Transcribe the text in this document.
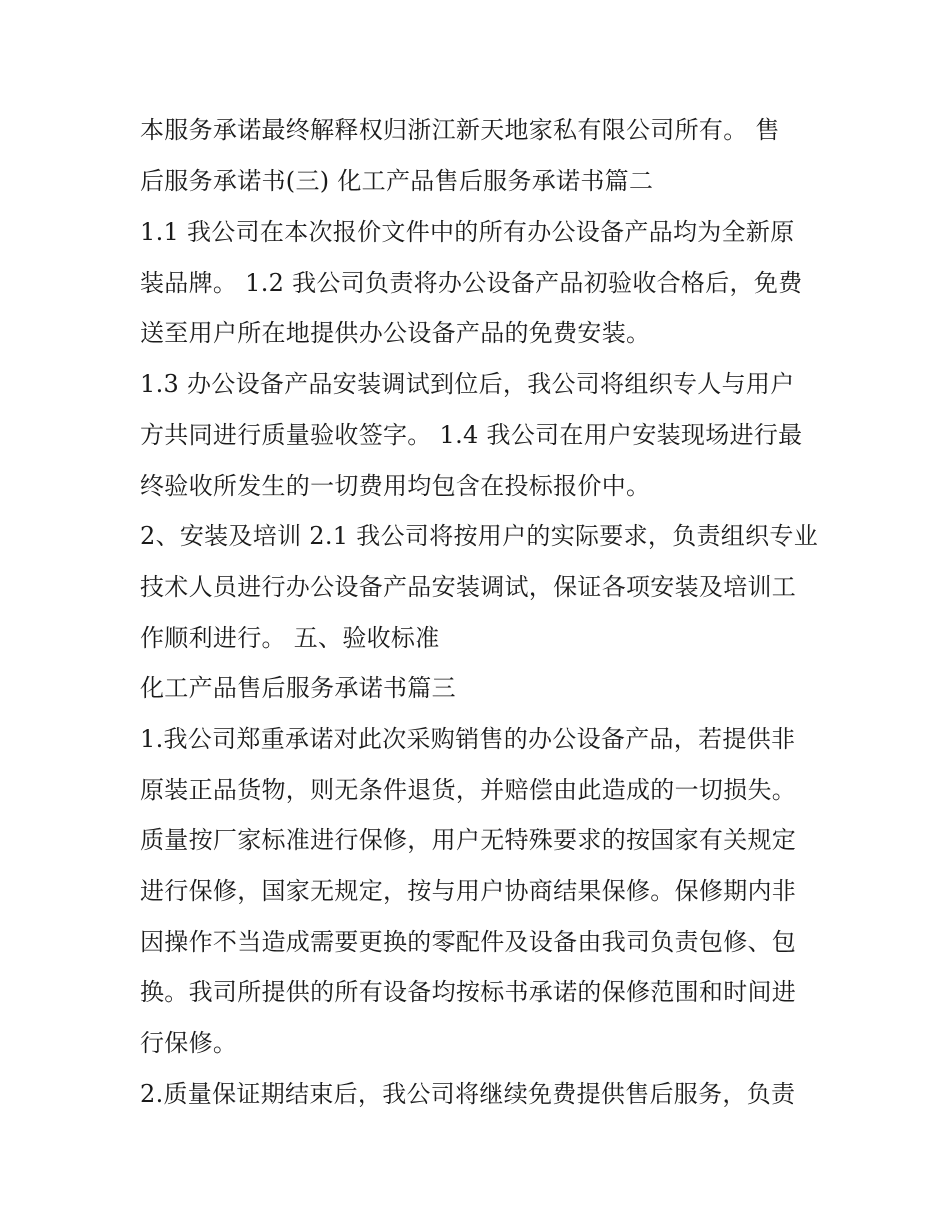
本服务承诺最终解释权归浙江新天地家私有限公司所有。 售
后服务承诺书(三) 化工产品售后服务承诺书篇二
1.1 我公司在本次报价文件中的所有办公设备产品均为全新原
装品牌。 1.2 我公司负责将办公设备产品初验收合格后，免费
送至用户所在地提供办公设备产品的免费安装。
1.3 办公设备产品安装调试到位后，我公司将组织专人与用户
方共同进行质量验收签字。 1.4 我公司在用户安装现场进行最
终验收所发生的一切费用均包含在投标报价中。
2、安装及培训 2.1 我公司将按用户的实际要求，负责组织专业
技术人员进行办公设备产品安装调试，保证各项安装及培训工
作顺利进行。 五、验收标准
化工产品售后服务承诺书篇三
1.我公司郑重承诺对此次采购销售的办公设备产品，若提供非
原装正品货物，则无条件退货，并赔偿由此造成的一切损失。
质量按厂家标准进行保修，用户无特殊要求的按国家有关规定
进行保修，国家无规定，按与用户协商结果保修。保修期内非
因操作不当造成需要更换的零配件及设备由我司负责包修、包
换。我司所提供的所有设备均按标书承诺的保修范围和时间进
行保修。
2.质量保证期结束后，我公司将继续免费提供售后服务，负责
